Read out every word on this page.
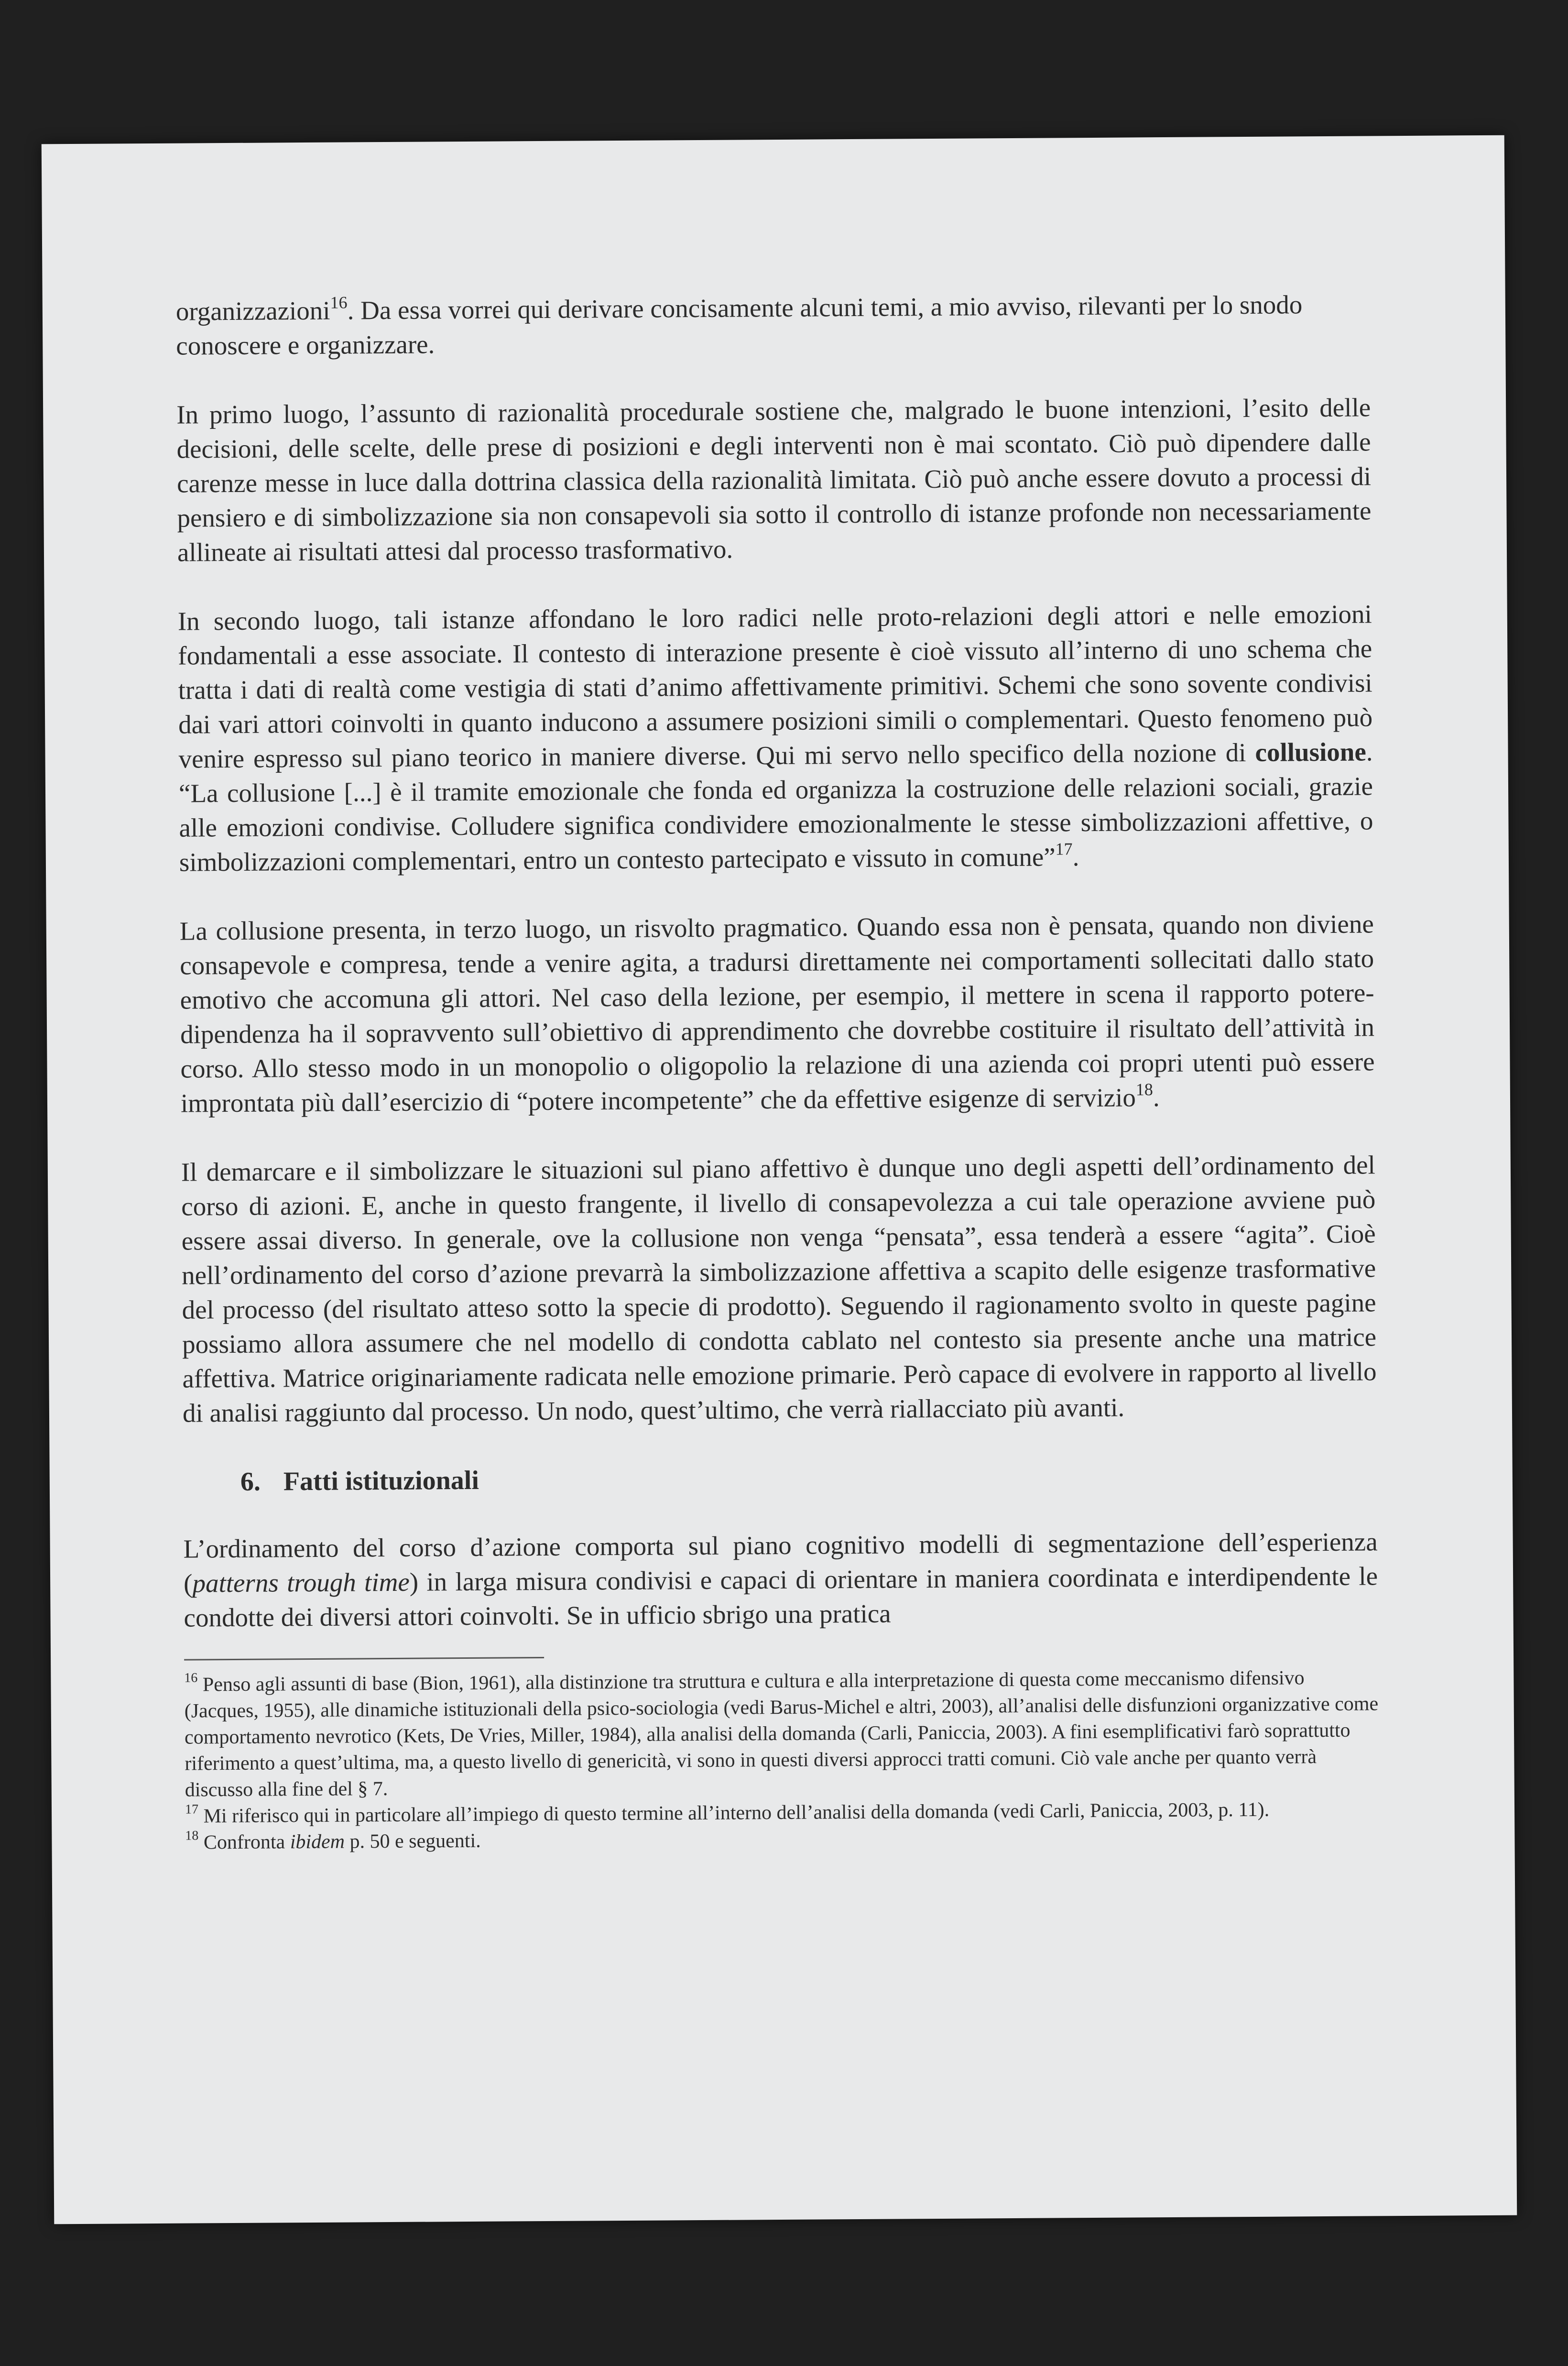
organizzazioni$^{16}$. Da essa vorrei qui derivare concisamente alcuni temi, a mio avviso, rilevanti per lo snodo conoscere e organizzare.

In primo luogo, l’assunto di razionalità procedurale sostiene che, malgrado le buone intenzioni, l’esito delle decisioni, delle scelte, delle prese di posizioni e degli interventi non è mai scontato. Ciò può dipendere dalle carenze messe in luce dalla dottrina classica della razionalità limitata. Ciò può anche essere dovuto a processi di pensiero e di simbolizzazione sia non consapevoli sia sotto il controllo di istanze profonde non necessariamente allineate ai risultati attesi dal processo trasformativo.

In secondo luogo, tali istanze affondano le loro radici nelle proto-relazioni degli attori e nelle emozioni fondamentali a esse associate. Il contesto di interazione presente è cioè vissuto all’interno di uno schema che tratta i dati di realtà come vestigia di stati d’animo affettivamente primitivi. Schemi che sono sovente condivisi dai vari attori coinvolti in quanto inducono a assumere posizioni simili o complementari. Questo fenomeno può venire espresso sul piano teorico in maniere diverse. Qui mi servo nello specifico della nozione di collusione. “La collusione [...] è il tramite emozionale che fonda ed organizza la costruzione delle relazioni sociali, grazie alle emozioni condivise. Colludere significa condividere emozionalmente le stesse simbolizzazioni affettive, o simbolizzazioni complementari, entro un contesto partecipato e vissuto in comune”$^{17}$.

La collusione presenta, in terzo luogo, un risvolto pragmatico. Quando essa non è pensata, quando non diviene consapevole e compresa, tende a venire agita, a tradursi direttamente nei comportamenti sollecitati dallo stato emotivo che accomuna gli attori. Nel caso della lezione, per esempio, il mettere in scena il rapporto potere-dipendenza ha il sopravvento sull’obiettivo di apprendimento che dovrebbe costituire il risultato dell’attività in corso. Allo stesso modo in un monopolio o oligopolio la relazione di una azienda coi propri utenti può essere improntata più dall’esercizio di “potere incompetente” che da effettive esigenze di servizio$^{18}$.

Il demarcare e il simbolizzare le situazioni sul piano affettivo è dunque uno degli aspetti dell’ordinamento del corso di azioni. E, anche in questo frangente, il livello di consapevolezza a cui tale operazione avviene può essere assai diverso. In generale, ove la collusione non venga “pensata”, essa tenderà a essere “agita”. Cioè nell’ordinamento del corso d’azione prevarrà la simbolizzazione affettiva a scapito delle esigenze trasformative del processo (del risultato atteso sotto la specie di prodotto). Seguendo il ragionamento svolto in queste pagine possiamo allora assumere che nel modello di condotta cablato nel contesto sia presente anche una matrice affettiva. Matrice originariamente radicata nelle emozione primarie. Però capace di evolvere in rapporto al livello di analisi raggiunto dal processo. Un nodo, quest’ultimo, che verrà riallacciato più avanti.

6. Fatti istituzionali

L’ordinamento del corso d’azione comporta sul piano cognitivo modelli di segmentazione dell’esperienza (patterns trough time) in larga misura condivisi e capaci di orientare in maniera coordinata e interdipendente le condotte dei diversi attori coinvolti. Se in ufficio sbrigo una pratica

$^{16}$ Penso agli assunti di base (Bion, 1961), alla distinzione tra struttura e cultura e alla interpretazione di questa come meccanismo difensivo (Jacques, 1955), alle dinamiche istituzionali della psico-sociologia (vedi Barus-Michel e altri, 2003), all’analisi delle disfunzioni organizzative come comportamento nevrotico (Kets, De Vries, Miller, 1984), alla analisi della domanda (Carli, Paniccia, 2003). A fini esemplificativi farò soprattutto riferimento a quest’ultima, ma, a questo livello di genericità, vi sono in questi diversi approcci tratti comuni. Ciò vale anche per quanto verrà discusso alla fine del § 7.

$^{17}$ Mi riferisco qui in particolare all’impiego di questo termine all’interno dell’analisi della domanda (vedi Carli, Paniccia, 2003, p. 11).

$^{18}$ Confronta ibidem p. 50 e seguenti.
